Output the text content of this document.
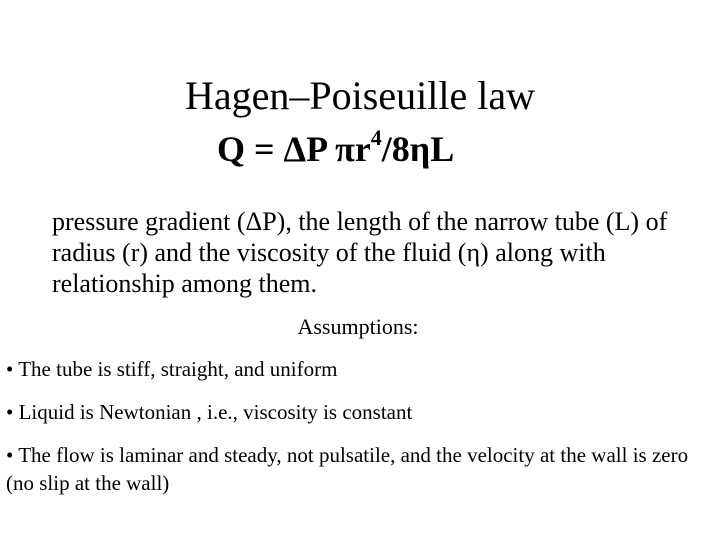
Hagen–Poiseuille law
Q = ΔP $\pi r^4/8\eta L$
pressure gradient (ΔP), the length of the narrow tube (L) of radius (r) and the viscosity of the fluid (η) along with relationship among them.
Assumptions:
• The tube is stiff, straight, and uniform
• Liquid is Newtonian , i.e., viscosity is constant
• The flow is laminar and steady, not pulsatile, and the velocity at the wall is zero (no slip at the wall)
